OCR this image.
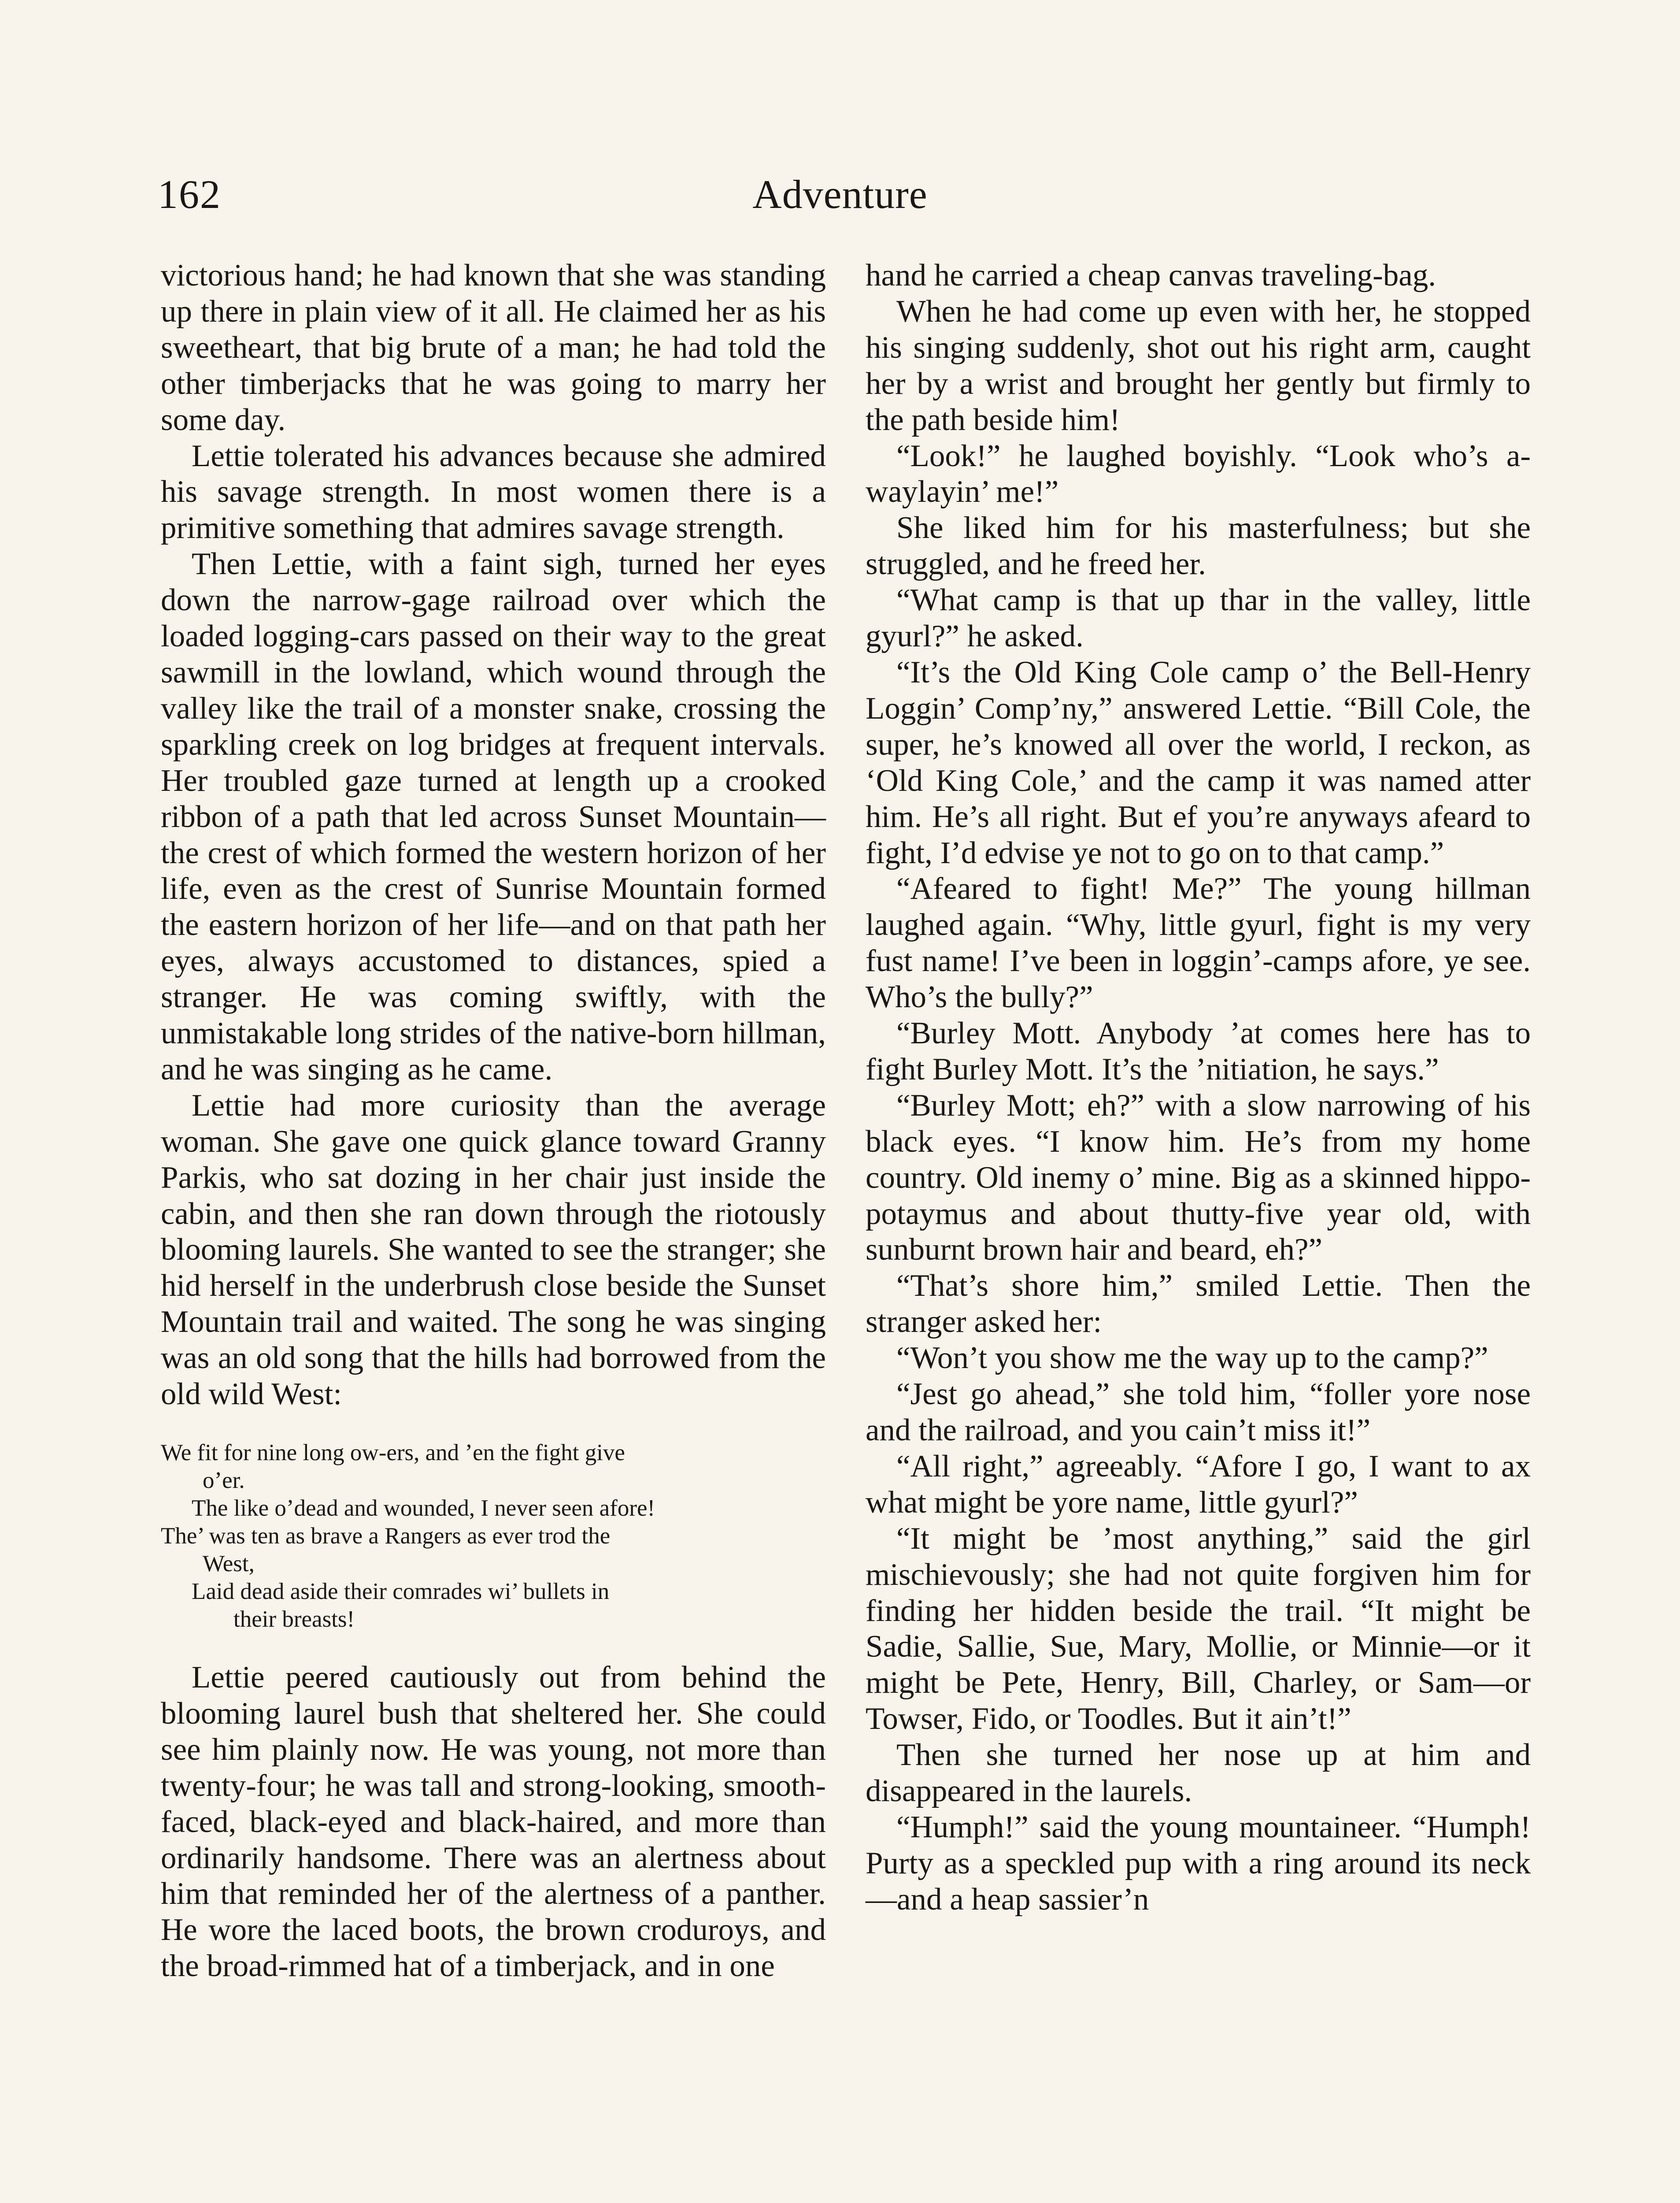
162	Adventure

victorious hand; he had known that she was standing up there in plain view of it all. He claimed her as his sweetheart, that big brute of a man; he had told the other timberjacks that he was going to marry her some day.

Lettie tolerated his advances because she admired his savage strength. In most women there is a primitive something that admires savage strength.

Then Lettie, with a faint sigh, turned her eyes down the narrow-gage railroad over which the loaded logging-cars passed on their way to the great sawmill in the lowland, which wound through the valley like the trail of a monster snake, crossing the sparkling creek on log bridges at frequent intervals. Her troubled gaze turned at length up a crooked ribbon of a path that led across Sunset Mountain—the crest of which formed the western horizon of her life, even as the crest of Sunrise Mountain formed the eastern horizon of her life—and on that path her eyes, always accustomed to distances, spied a stranger. He was coming swiftly, with the unmistakable long strides of the native-born hillman, and he was singing as he came.

Lettie had more curiosity than the average woman. She gave one quick glance toward Granny Parkis, who sat dozing in her chair just inside the cabin, and then she ran down through the riotously blooming laurels. She wanted to see the stranger; she hid herself in the underbrush close beside the Sunset Mountain trail and waited. The song he was singing was an old song that the hills had borrowed from the old wild West:

We fit for nine long ow-ers, and ’en the fight give
o’er.
The like o’dead and wounded, I never seen afore!
The’ was ten as brave a Rangers as ever trod the
West,
Laid dead aside their comrades wi’ bullets in
their breasts!

Lettie peered cautiously out from behind the blooming laurel bush that sheltered her. She could see him plainly now. He was young, not more than twenty-four; he was tall and strong-looking, smooth-faced, black-eyed and black-haired, and more than ordinarily handsome. There was an alertness about him that reminded her of the alertness of a panther. He wore the laced boots, the brown croduroys, and the broad-rimmed hat of a timberjack, and in one

hand he carried a cheap canvas traveling-bag.

When he had come up even with her, he stopped his singing suddenly, shot out his right arm, caught her by a wrist and brought her gently but firmly to the path beside him!

“Look!” he laughed boyishly. “Look who’s a-waylayin’ me!”

She liked him for his masterfulness; but she struggled, and he freed her.

“What camp is that up thar in the valley, little gyurl?” he asked.

“It’s the Old King Cole camp o’ the Bell-Henry Loggin’ Comp’ny,” answered Lettie. “Bill Cole, the super, he’s knowed all over the world, I reckon, as ‘Old King Cole,’ and the camp it was named atter him. He’s all right. But ef you’re anyways afeard to fight, I’d edvise ye not to go on to that camp.”

“Afeared to fight! Me?” The young hillman laughed again. “Why, little gyurl, fight is my very fust name! I’ve been in loggin’-camps afore, ye see. Who’s the bully?”

“Burley Mott. Anybody ’at comes here has to fight Burley Mott. It’s the ’nitiation, he says.”

“Burley Mott; eh?” with a slow narrowing of his black eyes. “I know him. He’s from my home country. Old inemy o’ mine. Big as a skinned hippo-potaymus and about thutty-five year old, with sunburnt brown hair and beard, eh?”

“That’s shore him,” smiled Lettie. Then the stranger asked her:

“Won’t you show me the way up to the camp?”

“Jest go ahead,” she told him, “foller yore nose and the railroad, and you cain’t miss it!”

“All right,” agreeably. “Afore I go, I want to ax what might be yore name, little gyurl?”

“It might be ’most anything,” said the girl mischievously; she had not quite forgiven him for finding her hidden beside the trail. “It might be Sadie, Sallie, Sue, Mary, Mollie, or Minnie—or it might be Pete, Henry, Bill, Charley, or Sam—or Towser, Fido, or Toodles. But it ain’t!”

Then she turned her nose up at him and disappeared in the laurels.

“Humph!” said the young mountaineer. “Humph! Purty as a speckled pup with a ring around its neck—and a heap sassier’n
